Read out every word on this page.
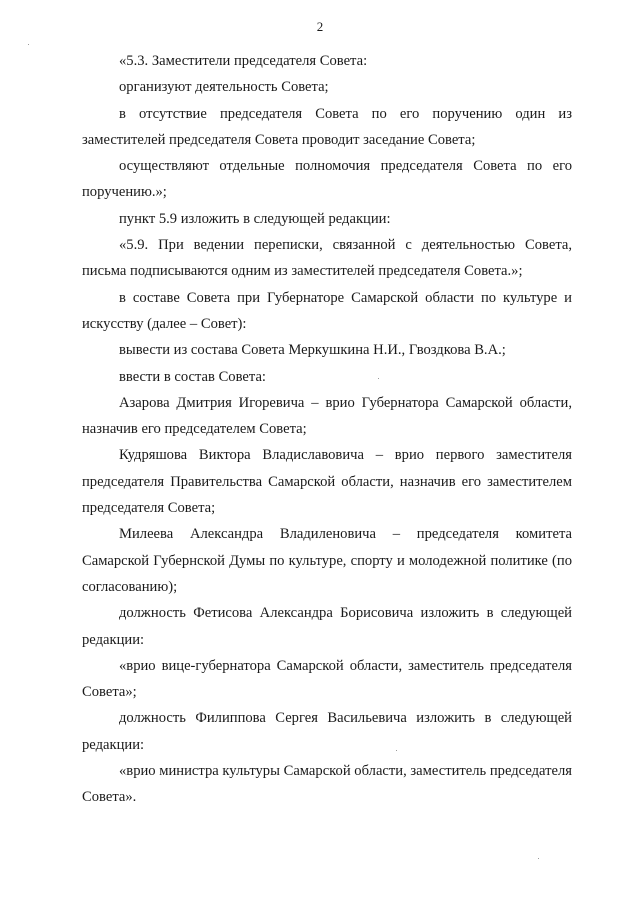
2

«5.3. Заместители председателя Совета:

организуют деятельность Совета;

в отсутствие председателя Совета по его поручению один из заместителей председателя Совета проводит заседание Совета;

осуществляют отдельные полномочия председателя Совета по его поручению.»;

пункт 5.9 изложить в следующей редакции:

«5.9. При ведении переписки, связанной с деятельностью Совета, письма подписываются одним из заместителей председателя Совета.»;

в составе Совета при Губернаторе Самарской области по культуре и искусству (далее – Совет):

вывести из состава Совета Меркушкина Н.И., Гвоздкова В.А.;

ввести в состав Совета:

Азарова Дмитрия Игоревича – врио Губернатора Самарской области, назначив его председателем Совета;

Кудряшова Виктора Владиславовича – врио первого заместителя председателя Правительства Самарской области, назначив его заместителем председателя Совета;

Милеева Александра Владиленовича – председателя комитета Самарской Губернской Думы по культуре, спорту и молодежной политике (по согласованию);

должность Фетисова Александра Борисовича изложить в следующей редакции:

«врио вице-губернатора Самарской области, заместитель председателя Совета»;

должность Филиппова Сергея Васильевича изложить в следующей редакции:

«врио министра культуры Самарской области, заместитель председателя Совета».
